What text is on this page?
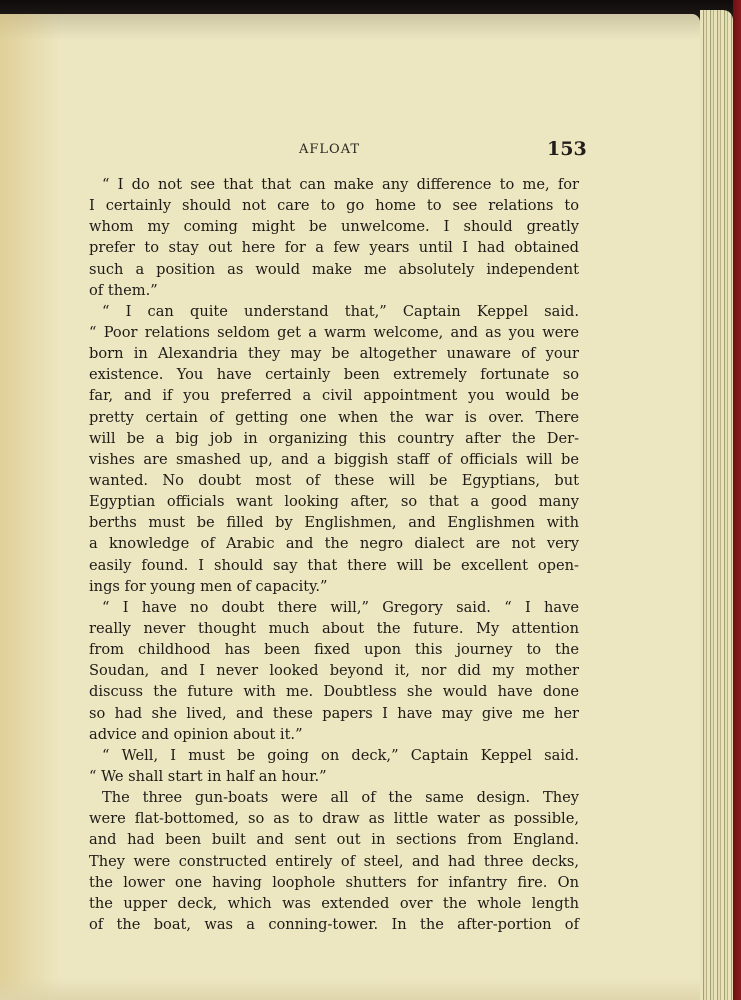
AFLOAT	153
“ I do not see that that can make any difference to me, for
I certainly should not care to go home to see relations to
whom my coming might be unwelcome. I should greatly
prefer to stay out here for a few years until I had obtained
such a position as would make me absolutely independent
of them.”
“ I can quite understand that,” Captain Keppel said.
“ Poor relations seldom get a warm welcome, and as you were
born in Alexandria they may be altogether unaware of your
existence. You have certainly been extremely fortunate so
far, and if you preferred a civil appointment you would be
pretty certain of getting one when the war is over. There
will be a big job in organizing this country after the Der-
vishes are smashed up, and a biggish staff of officials will be
wanted. No doubt most of these will be Egyptians, but
Egyptian officials want looking after, so that a good many
berths must be filled by Englishmen, and Englishmen with
a knowledge of Arabic and the negro dialect are not very
easily found. I should say that there will be excellent open-
ings for young men of capacity.”
“ I have no doubt there will,” Gregory said. “ I have
really never thought much about the future. My attention
from childhood has been fixed upon this journey to the
Soudan, and I never looked beyond it, nor did my mother
discuss the future with me. Doubtless she would have done
so had she lived, and these papers I have may give me her
advice and opinion about it.”
“ Well, I must be going on deck,” Captain Keppel said.
“ We shall start in half an hour.”
The three gun-boats were all of the same design. They
were flat-bottomed, so as to draw as little water as possible,
and had been built and sent out in sections from England.
They were constructed entirely of steel, and had three decks,
the lower one having loophole shutters for infantry fire. On
the upper deck, which was extended over the whole length
of the boat, was a conning-tower. In the after-portion of
